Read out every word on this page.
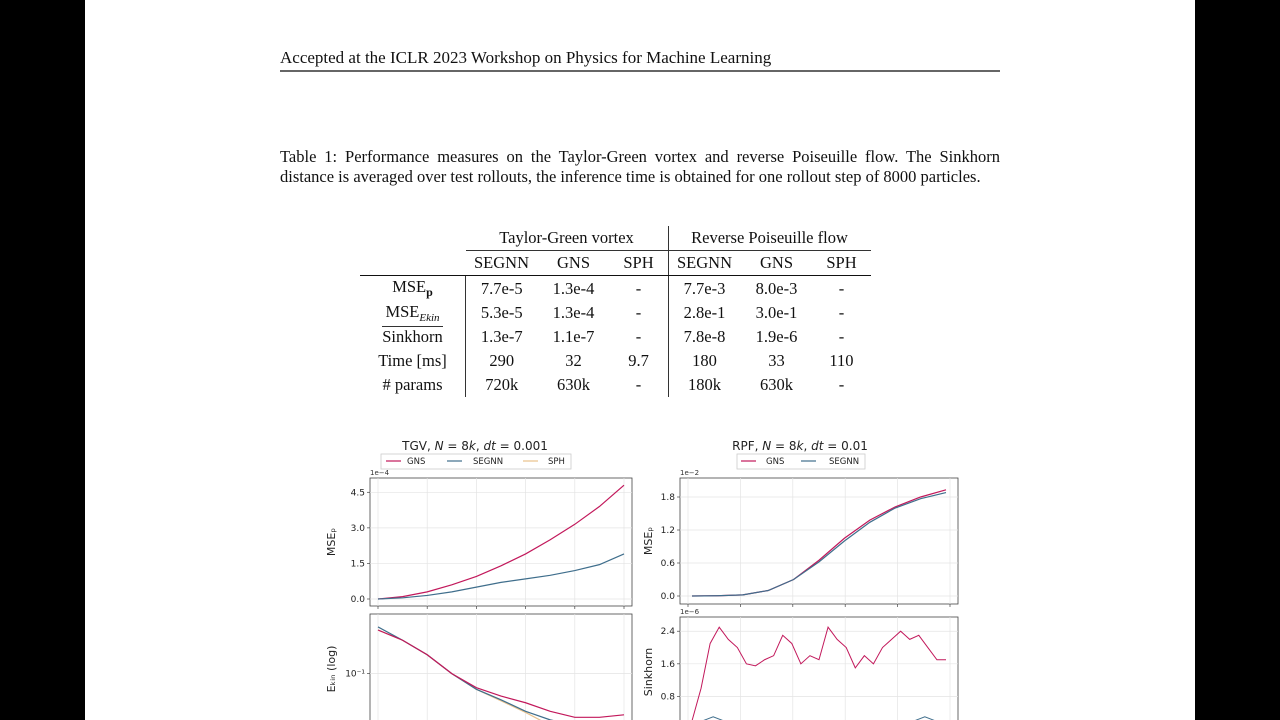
Accepted at the ICLR 2023 Workshop on Physics for Machine Learning
Table 1: Performance measures on the Taylor-Green vortex and reverse Poiseuille flow. The Sinkhorn distance is averaged over test rollouts, the inference time is obtained for one rollout step of 8000 particles.
	Taylor-Green vortex			Reverse Poiseuille flow		
	SEGNN	GNS	SPH	SEGNN	GNS	SPH
$MSE_p$	7.7e-5	1.3e-4	-	7.7e-3	8.0e-3	-
$MSE_{Ekin}$	5.3e-5	1.3e-4	-	2.8e-1	3.0e-1	-
Sinkhorn	1.3e-7	1.1e-7	-	7.8e-8	1.9e-6	-
Time [ms]	290	32	9.7	180	33	110
# params	720k	630k	-	180k	630k	-
TGV, N = 8k, dt = 0.001
GNS	SEGNN	SPH
0.0
1.5
3.0
4.5
1e−4
MSEₚ
10⁻¹
Eₖᵢₙ (log)
RPF, N = 8k, dt = 0.01
GNS	SEGNN
0.0
0.6
1.2
1.8
1e−2
MSEₚ
0.8
1.6
2.4
1e−6
Sinkhorn
